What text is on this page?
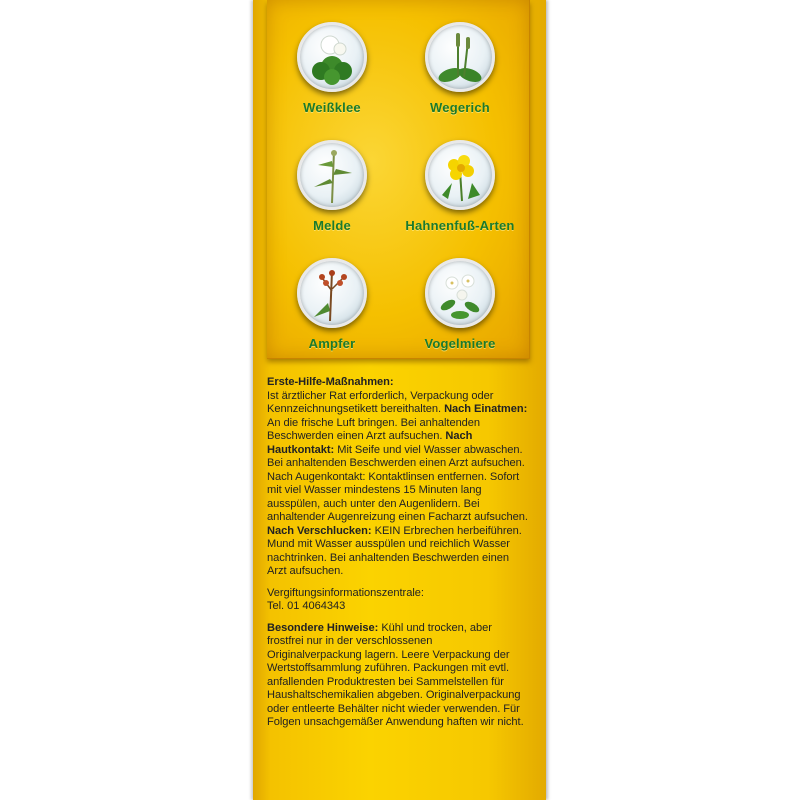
Weißklee	Wegerich
Melde	Hahnenfuß-Arten
Ampfer	Vogelmiere

Erste-Hilfe-Maßnahmen:
Ist ärztlicher Rat erforderlich, Verpackung oder Kennzeichnungsetikett bereithalten. Nach Einatmen: An die frische Luft bringen. Bei anhaltenden Beschwerden einen Arzt aufsuchen. Nach Hautkontakt: Mit Seife und viel Wasser abwaschen. Bei anhaltenden Beschwerden einen Arzt aufsuchen. Nach Augenkontakt: Kontaktlinsen entfernen. Sofort mit viel Wasser mindestens 15 Minuten lang ausspülen, auch unter den Augenlidern. Bei anhaltender Augenreizung einen Facharzt aufsuchen. Nach Verschlucken: KEIN Erbrechen herbeiführen. Mund mit Wasser ausspülen und reichlich Wasser nachtrinken. Bei anhaltenden Beschwerden einen Arzt aufsuchen.

Vergiftungsinformationszentrale:
Tel. 01 4064343

Besondere Hinweise: Kühl und trocken, aber frostfrei nur in der verschlossenen Originalverpackung lagern. Leere Verpackung der Wertstoffsammlung zuführen. Packungen mit evtl. anfallenden Produktresten bei Sammelstellen für Haushaltschemikalien abgeben. Originalverpackung oder entleerte Behälter nicht wieder verwenden. Für Folgen unsachgemäßer Anwendung haften wir nicht.
